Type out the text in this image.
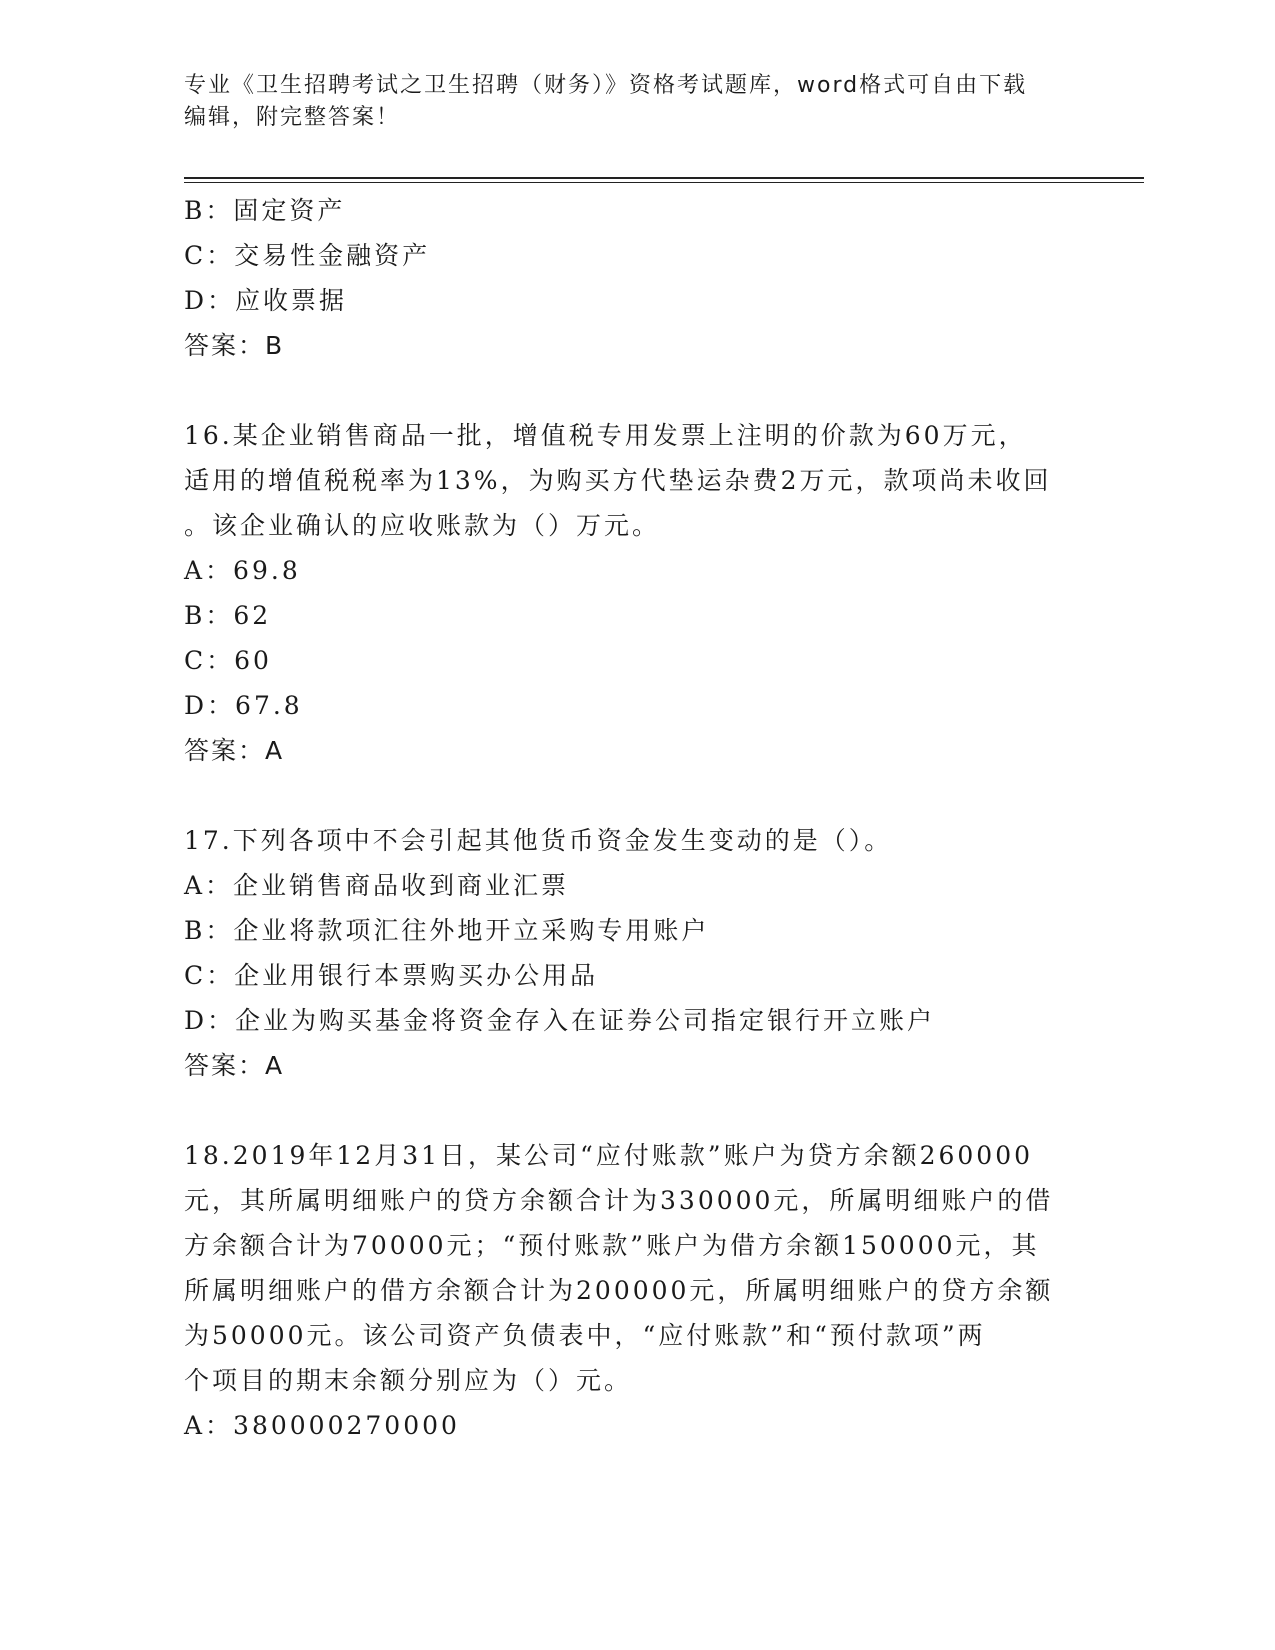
专业《卫生招聘考试之卫生招聘（财务）》资格考试题库，word格式可自由下载
编辑，附完整答案！
B：固定资产
C：交易性金融资产
D：应收票据
答案：B
16.某企业销售商品一批，增值税专用发票上注明的价款为60万元，
适用的增值税税率为13%，为购买方代垫运杂费2万元，款项尚未收回
。该企业确认的应收账款为（）万元。
A：69.8
B：62
C：60
D：67.8
答案：A
17.下列各项中不会引起其他货币资金发生变动的是（）。
A：企业销售商品收到商业汇票
B：企业将款项汇往外地开立采购专用账户
C：企业用银行本票购买办公用品
D：企业为购买基金将资金存入在证券公司指定银行开立账户
答案：A
18.2019年12月31日，某公司“应付账款”账户为贷方余额260000
元，其所属明细账户的贷方余额合计为330000元，所属明细账户的借
方余额合计为70000元；“预付账款”账户为借方余额150000元，其
所属明细账户的借方余额合计为200000元，所属明细账户的贷方余额
为50000元。该公司资产负债表中，“应付账款”和“预付款项”两
个项目的期末余额分别应为（）元。
A：380000270000
